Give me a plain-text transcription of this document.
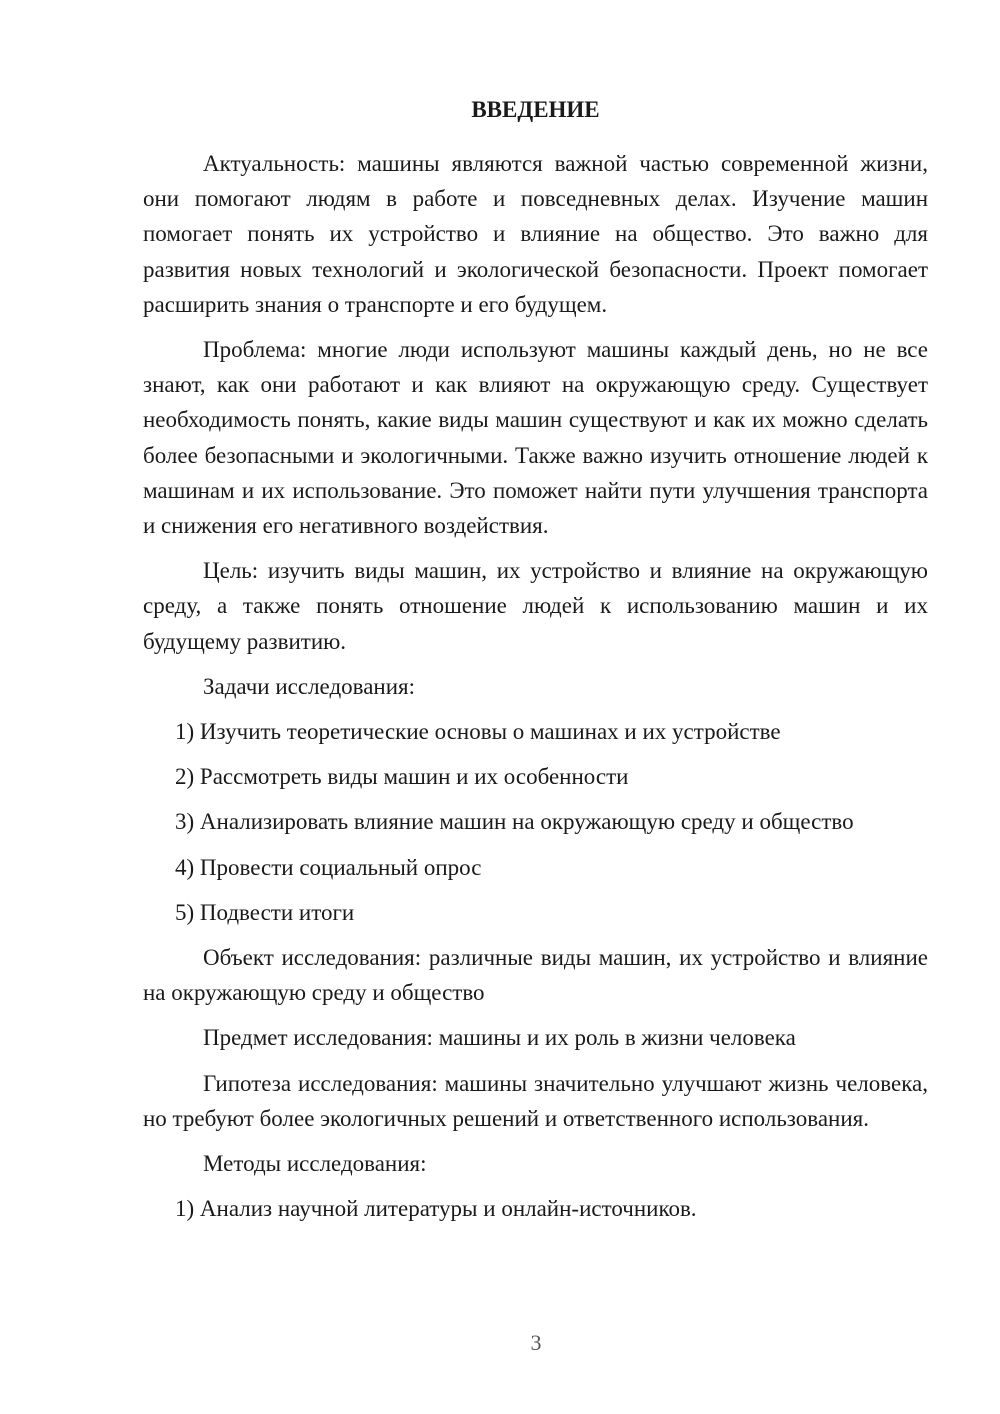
ВВЕДЕНИЕ

Актуальность: машины являются важной частью современной жизни, они помогают людям в работе и повседневных делах. Изучение машин помогает понять их устройство и влияние на общество. Это важно для развития новых технологий и экологической безопасности. Проект помогает расширить знания о транспорте и его будущем.

Проблема: многие люди используют машины каждый день, но не все знают, как они работают и как влияют на окружающую среду. Существует необходимость понять, какие виды машин существуют и как их можно сделать более безопасными и экологичными. Также важно изучить отношение людей к машинам и их использование. Это поможет найти пути улучшения транспорта и снижения его негативного воздействия.

Цель: изучить виды машин, их устройство и влияние на окружающую среду, а также понять отношение людей к использованию машин и их будущему развитию.

Задачи исследования:

1) Изучить теоретические основы о машинах и их устройстве
2) Рассмотреть виды машин и их особенности
3) Анализировать влияние машин на окружающую среду и общество
4) Провести социальный опрос
5) Подвести итоги

Объект исследования: различные виды машин, их устройство и влияние на окружающую среду и общество

Предмет исследования: машины и их роль в жизни человека

Гипотеза исследования: машины значительно улучшают жизнь человека, но требуют более экологичных решений и ответственного использования.

Методы исследования:

1) Анализ научной литературы и онлайн-источников.
3
